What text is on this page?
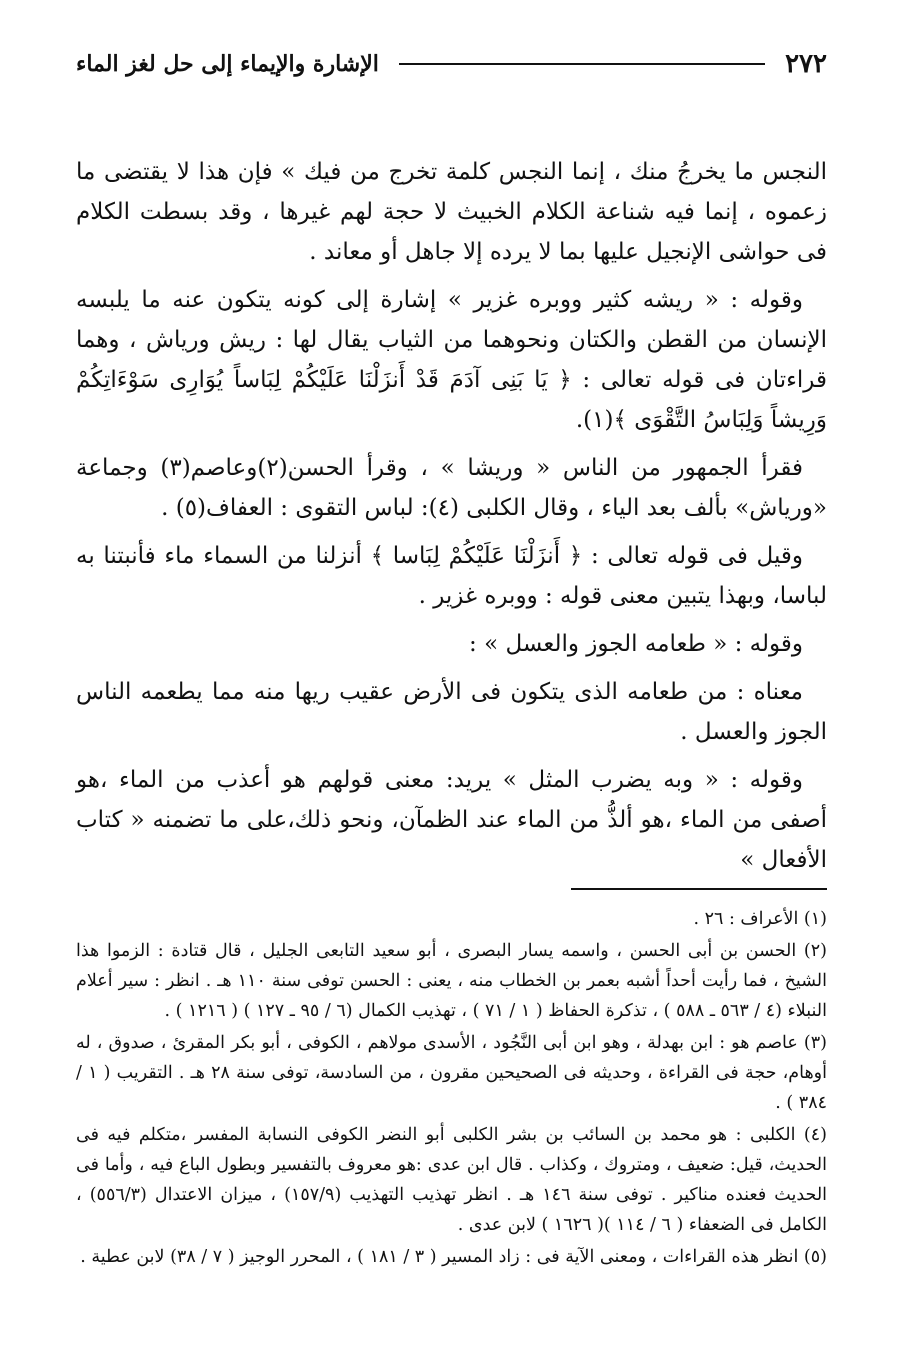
٢٧٢
الإشارة والإيماء إلى حل لغز الماء

النجس ما يخرجُ منك ، إنما النجس كلمة تخرج من فيك » فإن هذا لا يقتضى ما زعموه ، إنما فيه شناعة الكلام الخبيث لا حجة لهم غيرها ، وقد بسطت الكلام فى حواشى الإنجيل عليها بما لا يرده إلا جاهل أو معاند .

وقوله : « ريشه كثير ووبره غزير » إشارة إلى كونه يتكون عنه ما يلبسه الإنسان من القطن والكتان ونحوهما من الثياب يقال لها : ريش ورياش ، وهما قراءتان فى قوله تعالى : ﴿ يَا بَنِى آدَمَ قَدْ أَنزَلْنَا عَلَيْكُمْ لِبَاساً يُوَارِى سَوْءَاتِكُمْ وَرِيشاً وَلِبَاسُ التَّقْوَى ﴾(١).

فقرأ الجمهور من الناس « وريشا » ، وقرأ الحسن(٢)وعاصم(٣) وجماعة «ورياش» بألف بعد الياء ، وقال الكلبى (٤): لباس التقوى : العفاف(٥) .

وقيل فى قوله تعالى : ﴿ أَنزَلْنَا عَلَيْكُمْ لِبَاسا ﴾ أنزلنا من السماء ماء فأنبتنا به لباسا، وبهذا يتبين معنى قوله : ووبره غزير .

وقوله : « طعامه الجوز والعسل » :

معناه : من طعامه الذى يتكون فى الأرض عقيب ريها منه مما يطعمه الناس الجوز والعسل .

وقوله : « وبه يضرب المثل » يريد: معنى قولهم هو أعذب من الماء ،هو أصفى من الماء ،هو ألذُّ من الماء عند الظمآن، ونحو ذلك،على ما تضمنه « كتاب الأفعال »

(١) الأعراف : ٢٦ .

(٢) الحسن بن أبى الحسن ، واسمه يسار البصرى ، أبو سعيد التابعى الجليل ، قال قتادة : الزموا هذا الشيخ ، فما رأيت أحداً أشبه بعمر بن الخطاب منه ، يعنى : الحسن توفى سنة ١١٠ هـ . انظر : سير أعلام النبلاء (٤ / ٥٦٣ ـ ٥٨٨ ) ، تذكرة الحفاظ ( ١ / ٧١ ) ، تهذيب الكمال (٦ / ٩٥ ـ ١٢٧ ) ( ١٢١٦ ) .

(٣) عاصم هو : ابن بهدلة ، وهو ابن أبى النَّجُود ، الأسدى مولاهم ، الكوفى ، أبو بكر المقرئ ، صدوق ، له أوهام، حجة فى القراءة ، وحديثه فى الصحيحين مقرون ، من السادسة، توفى سنة ٢٨ هـ . التقريب ( ١ / ٣٨٤ ) .

(٤) الكلبى : هو محمد بن السائب بن بشر الكلبى أبو النضر الكوفى النسابة المفسر ،متكلم فيه فى الحديث، قيل: ضعيف ، ومتروك ، وكذاب . قال ابن عدى :هو معروف بالتفسير وبطول الباع فيه ، وأما فى الحديث فعنده مناكير . توفى سنة ١٤٦ هـ . انظر تهذيب التهذيب (١٥٧/٩) ، ميزان الاعتدال (٥٥٦/٣) ، الكامل فى الضعفاء ( ٦ / ١١٤ )( ١٦٢٦ ) لابن عدى .

(٥) انظر هذه القراءات ، ومعنى الآية فى : زاد المسير ( ٣ / ١٨١ ) ، المحرر الوجيز ( ٧ / ٣٨) لابن عطية .
